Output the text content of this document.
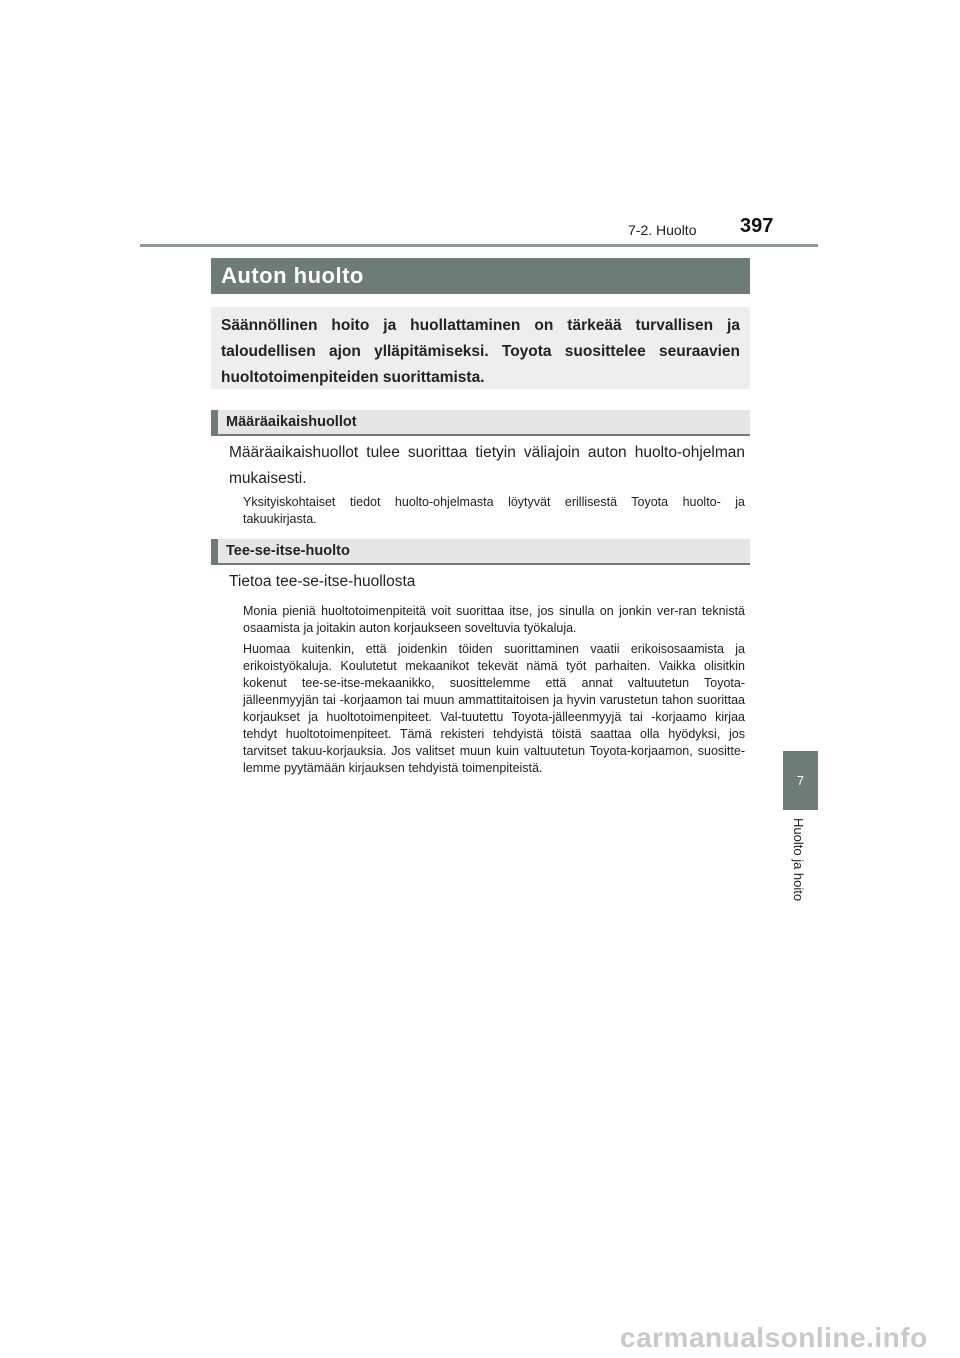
7-2. Huolto 397
7
Huolto ja hoito
Auton huolto

Säännöllinen hoito ja huollattaminen on tärkeää turvallisen ja taloudellisen ajon ylläpitämiseksi. Toyota suosittelee seuraavien huoltotoimenpiteiden suorittamista.

Määräaikaishuollot

Määräaikaishuollot tulee suorittaa tietyin väliajoin auton huolto-ohjelman mukaisesti.

Yksityiskohtaiset tiedot huolto-ohjelmasta löytyvät erillisestä Toyota huolto- ja takuukirjasta.

Tee-se-itse-huolto

Tietoa tee-se-itse-huollosta

Monia pieniä huoltotoimenpiteitä voit suorittaa itse, jos sinulla on jonkin ver-ran teknistä osaamista ja joitakin auton korjaukseen soveltuvia työkaluja.

Huomaa kuitenkin, että joidenkin töiden suorittaminen vaatii erikoisosaamista ja erikoistyökaluja. Koulutetut mekaanikot tekevät nämä työt parhaiten. Vaikka olisitkin kokenut tee-se-itse-mekaanikko, suosittelemme että annat valtuutetun Toyota-jälleenmyyjän tai -korjaamon tai muun ammattitaitoisen ja hyvin varustetun tahon suorittaa korjaukset ja huoltotoimenpiteet. Val-tuutettu Toyota-jälleenmyyjä tai -korjaamo kirjaa tehdyt huoltotoimenpiteet. Tämä rekisteri tehdyistä töistä saattaa olla hyödyksi, jos tarvitset takuu-korjauksia. Jos valitset muun kuin valtuutetun Toyota-korjaamon, suositte-lemme pyytämään kirjauksen tehdyistä toimenpiteistä.

carmanualsonline.info
